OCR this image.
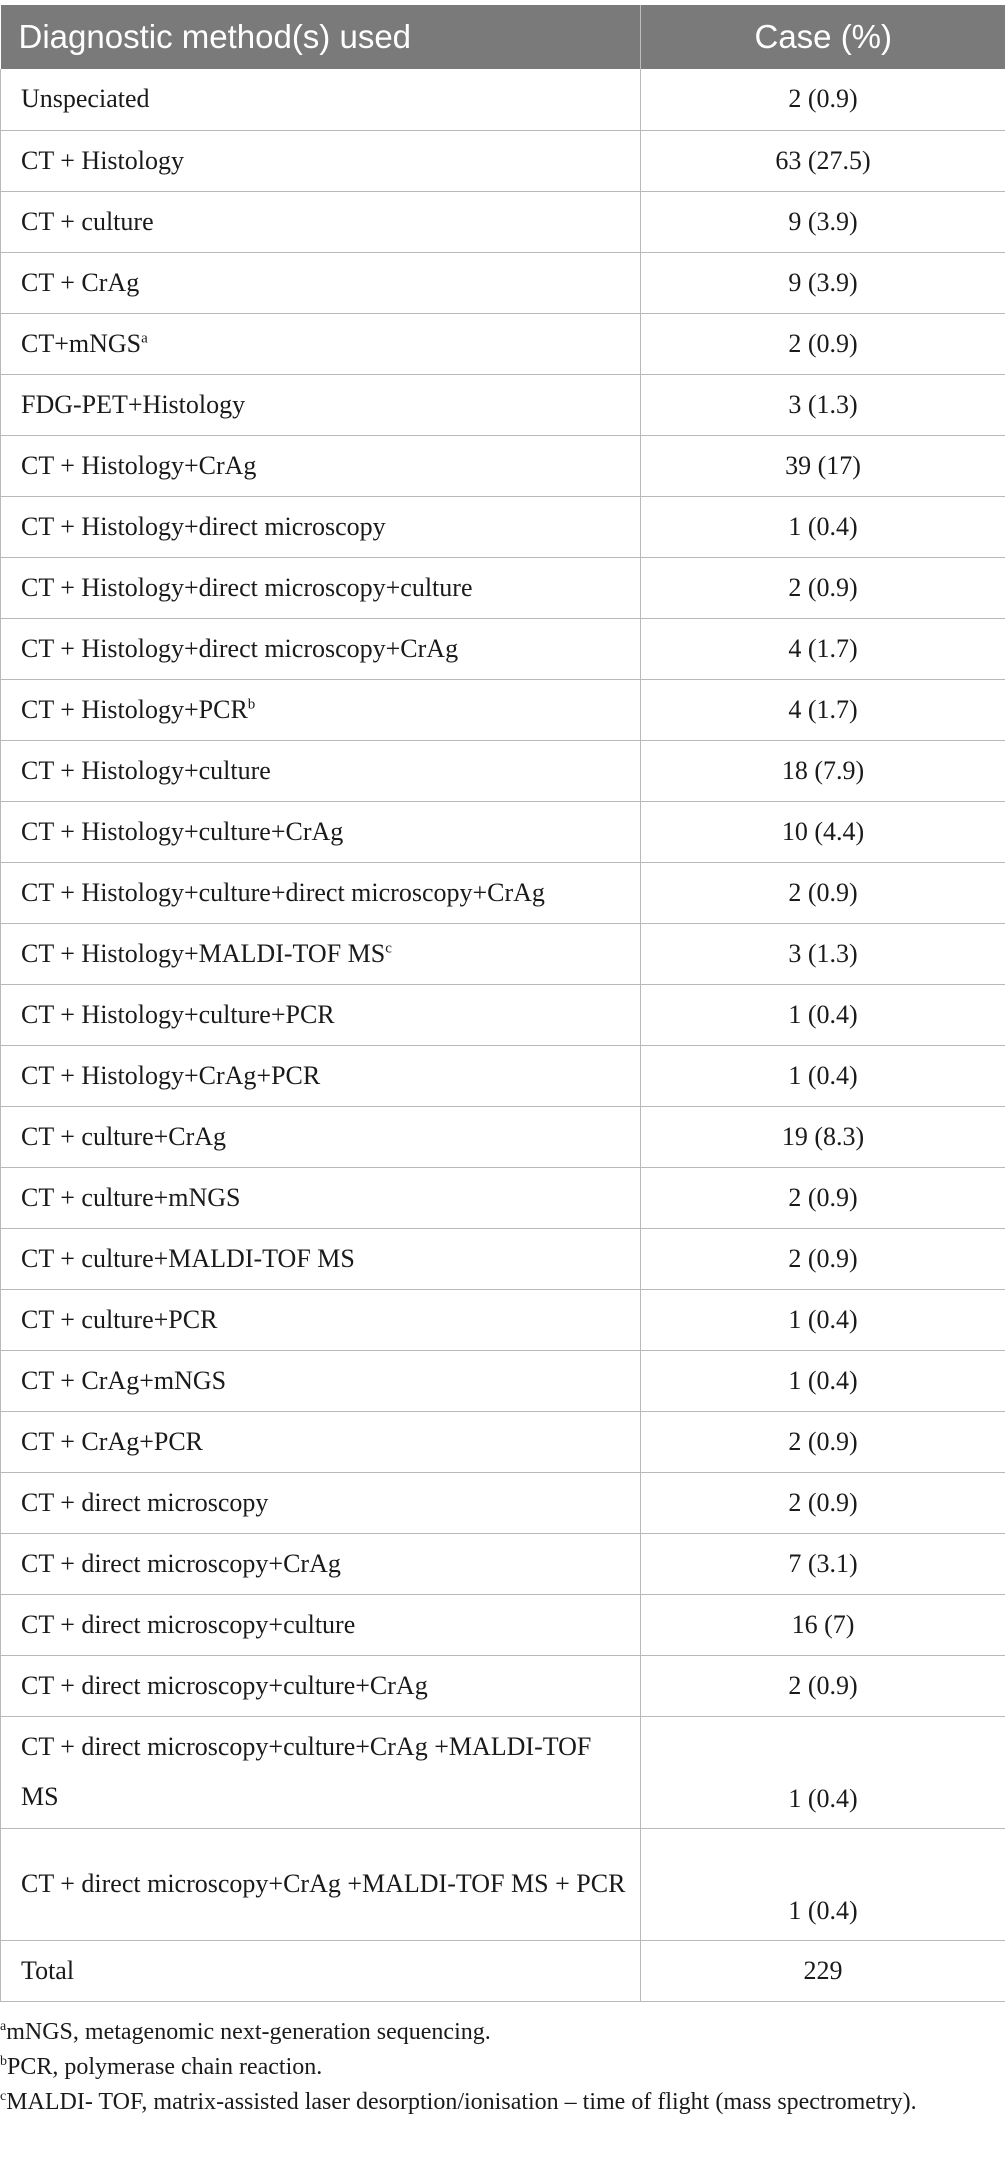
Diagnostic method(s) used	Case (%)
Unspeciated	2 (0.9)
CT + Histology	63 (27.5)
CT + culture	9 (3.9)
CT + CrAg	9 (3.9)
CT+mNGS$^a$	2 (0.9)
FDG-PET+Histology	3 (1.3)
CT + Histology+CrAg	39 (17)
CT + Histology+direct microscopy	1 (0.4)
CT + Histology+direct microscopy+culture	2 (0.9)
CT + Histology+direct microscopy+CrAg	4 (1.7)
CT + $Histology+PCR^b$	4 (1.7)
CT + Histology+culture	18 (7.9)
CT + Histology+culture+CrAg	10 (4.4)
CT + Histology+culture+direct microscopy+CrAg	2 (0.9)
CT + Histology+MALDI-TOF $MS^c$	3 (1.3)
CT + Histology+culture+PCR	1 (0.4)
CT + Histology+CrAg+PCR	1 (0.4)
CT + culture+CrAg	19 (8.3)
CT + culture+mNGS	2 (0.9)
CT + culture+MALDI-TOF MS	2 (0.9)
CT + culture+PCR	1 (0.4)
CT + CrAg+mNGS	1 (0.4)
CT + CrAg+PCR	2 (0.9)
CT + direct microscopy	2 (0.9)
CT + direct microscopy+CrAg	7 (3.1)
CT + direct microscopy+culture	16 (7)
CT + direct microscopy+culture+CrAg	2 (0.9)
CT + direct microscopy+culture+CrAg +MALDI-TOF MS	1 (0.4)
CT + direct microscopy+CrAg +MALDI-TOF MS + PCR	1 (0.4)
Total	229

$^a$mNGS, metagenomic next-generation sequencing.

$^b$PCR, polymerase chain reaction.

$^c$MALDI- TOF, matrix-assisted laser desorption/ionisation – time of flight (mass spectrometry).
